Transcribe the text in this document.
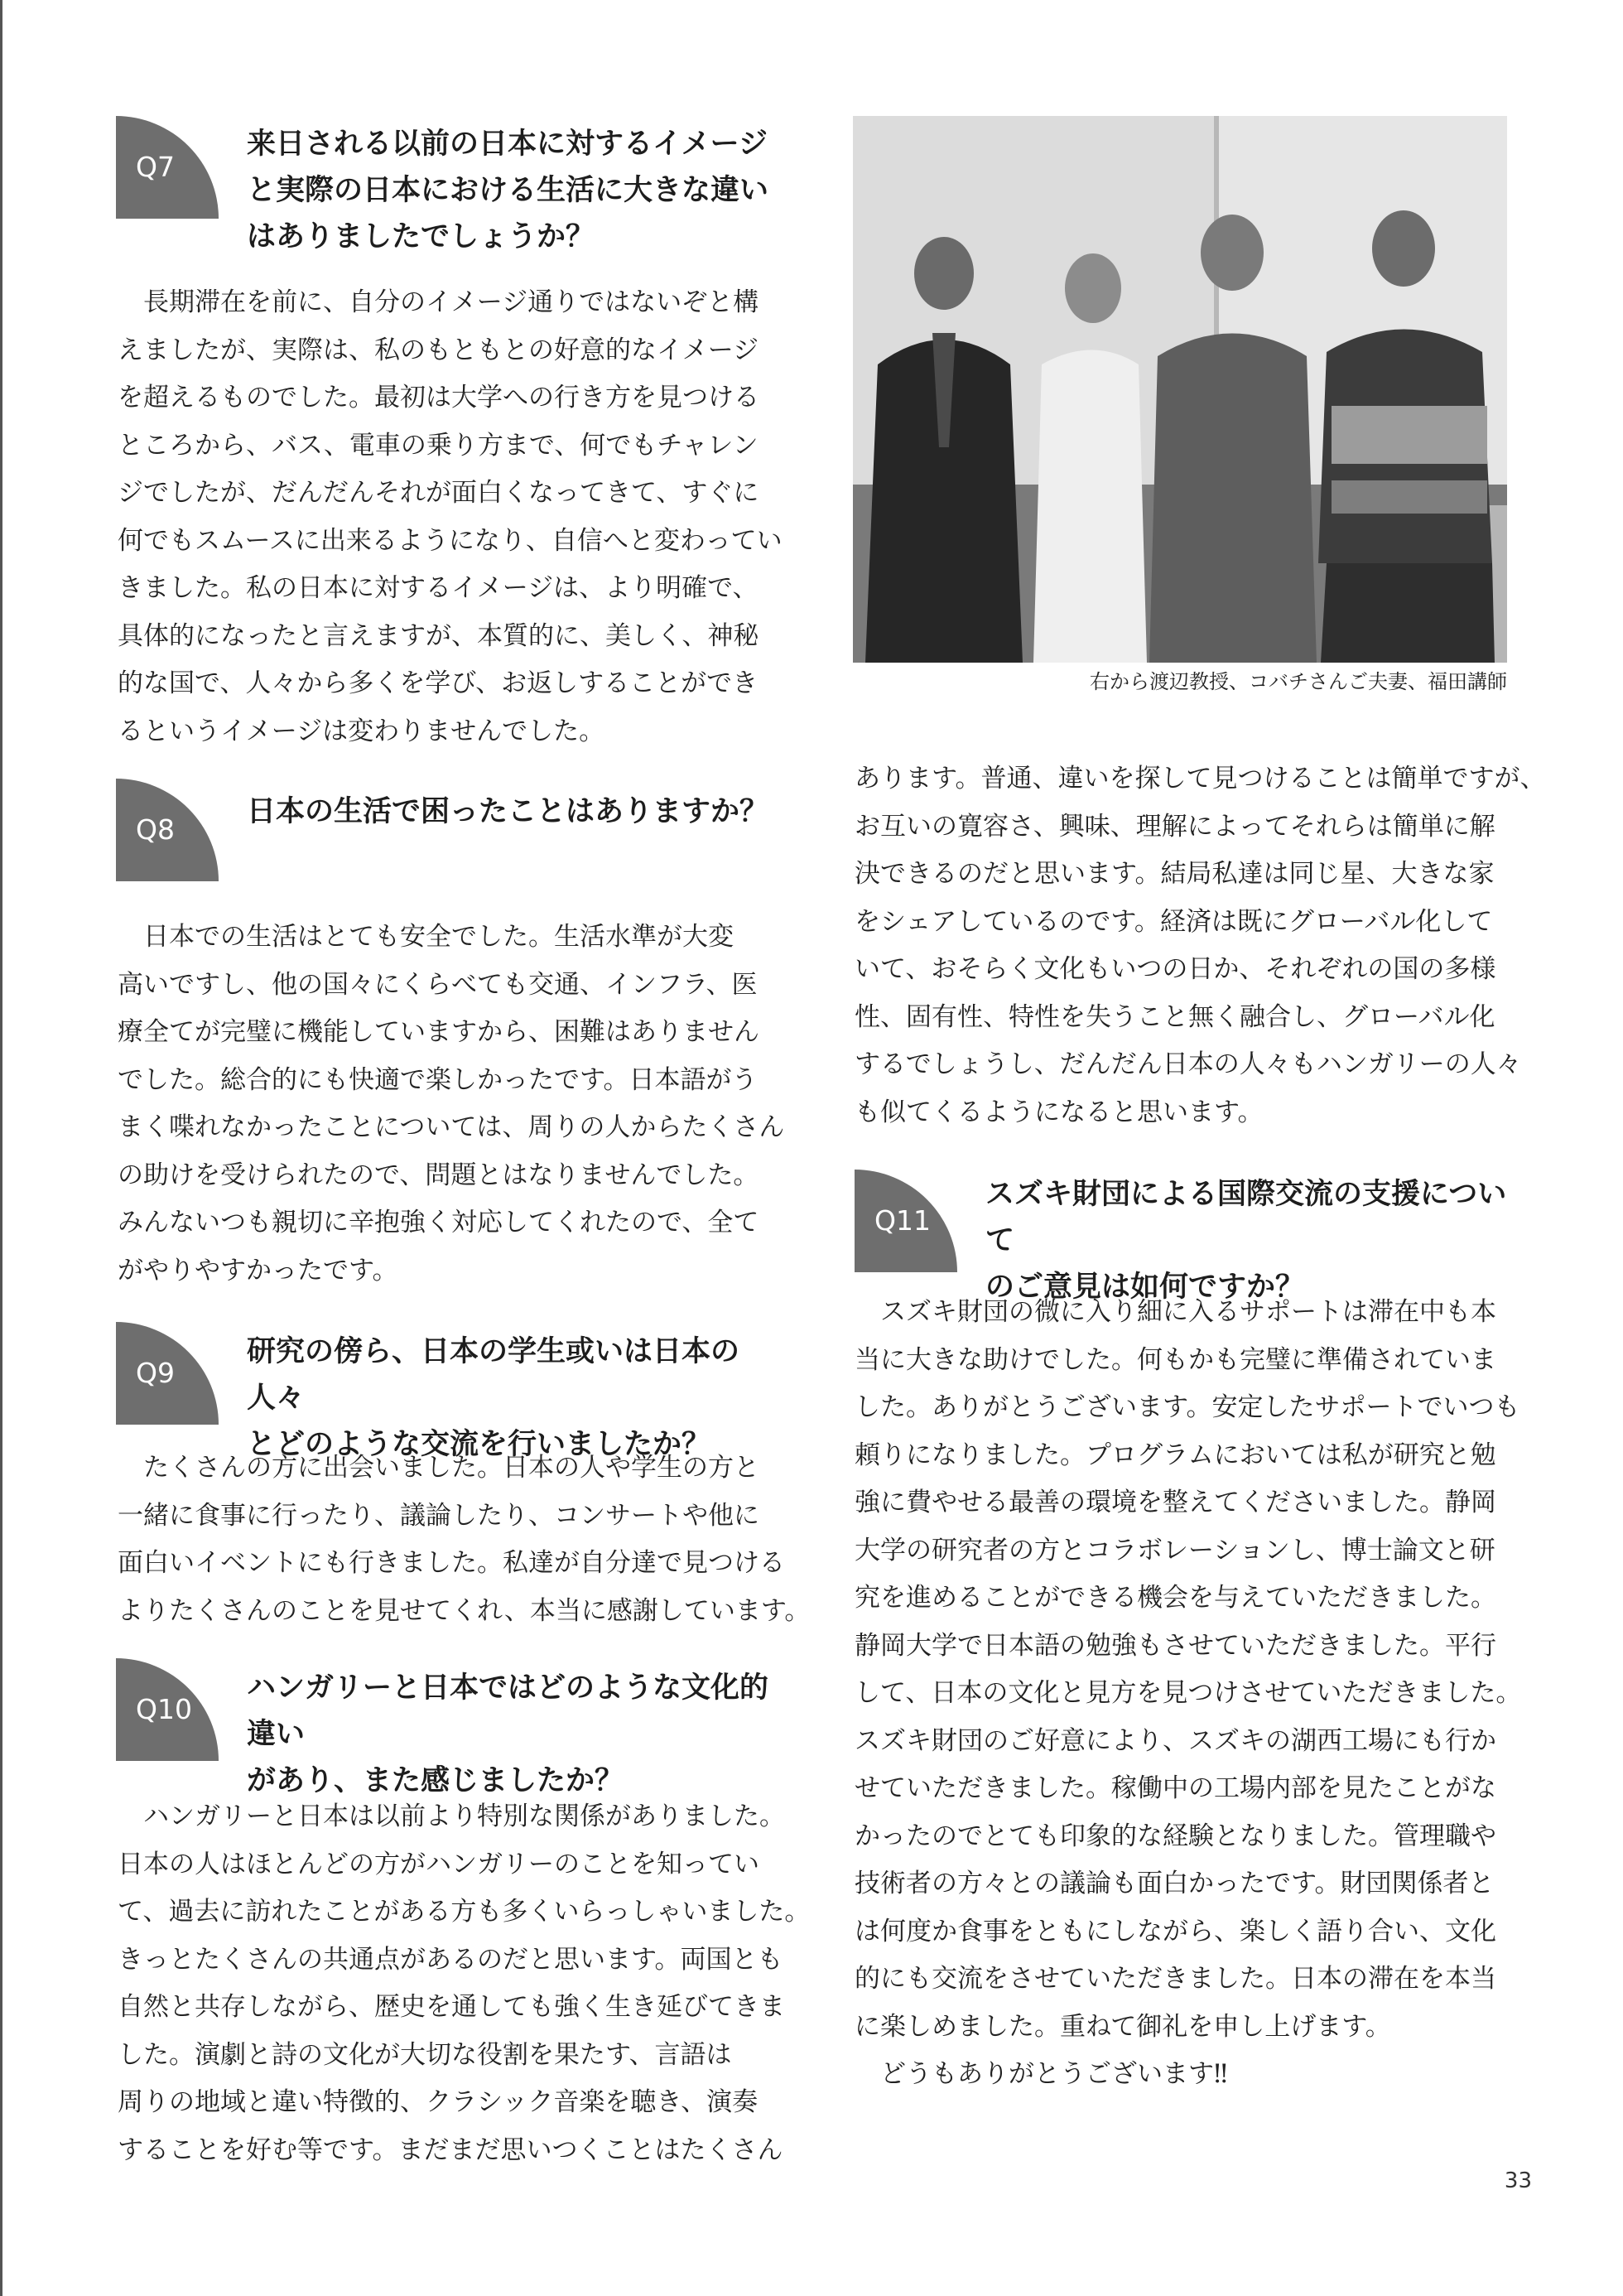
Q7
来日される以前の日本に対するイメージ
と実際の日本における生活に大きな違い
はありましたでしょうか？
長期滞在を前に、自分のイメージ通りではないぞと構
えましたが、実際は、私のもともとの好意的なイメージ
を超えるものでした。最初は大学への行き方を見つける
ところから、バス、電車の乗り方まで、何でもチャレン
ジでしたが、だんだんそれが面白くなってきて、すぐに
何でもスムースに出来るようになり、自信へと変わってい
きました。私の日本に対するイメージは、より明確で、
具体的になったと言えますが、本質的に、美しく、神秘
的な国で、人々から多くを学び、お返しすることができ
るというイメージは変わりませんでした。
Q8
日本の生活で困ったことはありますか？
日本での生活はとても安全でした。生活水準が大変
高いですし、他の国々にくらべても交通、インフラ、医
療全てが完璧に機能していますから、困難はありません
でした。総合的にも快適で楽しかったです。日本語がう
まく喋れなかったことについては、周りの人からたくさん
の助けを受けられたので、問題とはなりませんでした。
みんないつも親切に辛抱強く対応してくれたので、全て
がやりやすかったです。
Q9
研究の傍ら、日本の学生或いは日本の人々
とどのような交流を行いましたか？
たくさんの方に出会いました。日本の人や学生の方と
一緒に食事に行ったり、議論したり、コンサートや他に
面白いイベントにも行きました。私達が自分達で見つける
よりたくさんのことを見せてくれ、本当に感謝しています。
Q10
ハンガリーと日本ではどのような文化的違い
があり、また感じましたか？
ハンガリーと日本は以前より特別な関係がありました。
日本の人はほとんどの方がハンガリーのことを知ってい
て、過去に訪れたことがある方も多くいらっしゃいました。
きっとたくさんの共通点があるのだと思います。両国とも
自然と共存しながら、歴史を通しても強く生き延びてきま
した。演劇と詩の文化が大切な役割を果たす、言語は
周りの地域と違い特徴的、クラシック音楽を聴き、演奏
することを好む等です。まだまだ思いつくことはたくさん

右から渡辺教授、コバチさんご夫妻、福田講師

あります。普通、違いを探して見つけることは簡単ですが、
お互いの寛容さ、興味、理解によってそれらは簡単に解
決できるのだと思います。結局私達は同じ星、大きな家
をシェアしているのです。経済は既にグローバル化して
いて、おそらく文化もいつの日か、それぞれの国の多様
性、固有性、特性を失うこと無く融合し、グローバル化
するでしょうし、だんだん日本の人々もハンガリーの人々
も似てくるようになると思います。
Q11
スズキ財団による国際交流の支援について
のご意見は如何ですか？
スズキ財団の微に入り細に入るサポートは滞在中も本
当に大きな助けでした。何もかも完璧に準備されていま
した。ありがとうございます。安定したサポートでいつも
頼りになりました。プログラムにおいては私が研究と勉
強に費やせる最善の環境を整えてくださいました。静岡
大学の研究者の方とコラボレーションし、博士論文と研
究を進めることができる機会を与えていただきました。
静岡大学で日本語の勉強もさせていただきました。平行
して、日本の文化と見方を見つけさせていただきました。
スズキ財団のご好意により、スズキの湖西工場にも行か
せていただきました。稼働中の工場内部を見たことがな
かったのでとても印象的な経験となりました。管理職や
技術者の方々との議論も面白かったです。財団関係者と
は何度か食事をともにしながら、楽しく語り合い、文化
的にも交流をさせていただきました。日本の滞在を本当
に楽しめました。重ねて御礼を申し上げます。
どうもありがとうございます‼

33
